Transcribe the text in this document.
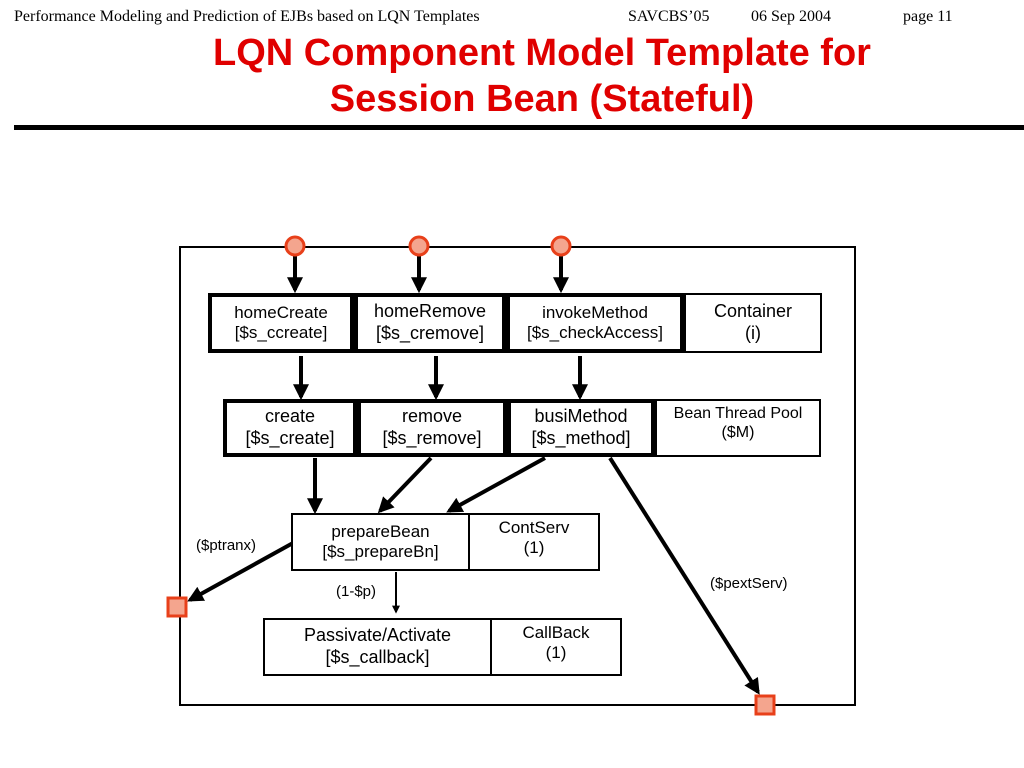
Performance Modeling and Prediction of EJBs based on LQN Templates	SAVCBS’05	06 Sep 2004	page 11
LQN Component Model Template for
Session Bean (Stateful)
homeCreate
[$s_ccreate]
homeRemove
[$s_cremove]
invokeMethod
[$s_checkAccess]
Container
(i)
create
[$s_create]
remove
[$s_remove]
busiMethod
[$s_method]
Bean Thread Pool
($M)
prepareBean
[$s_prepareBn]
ContServ
(1)
Passivate/Activate
[$s_callback]
CallBack
(1)
($ptranx)
(1-$p)	($pextServ)
